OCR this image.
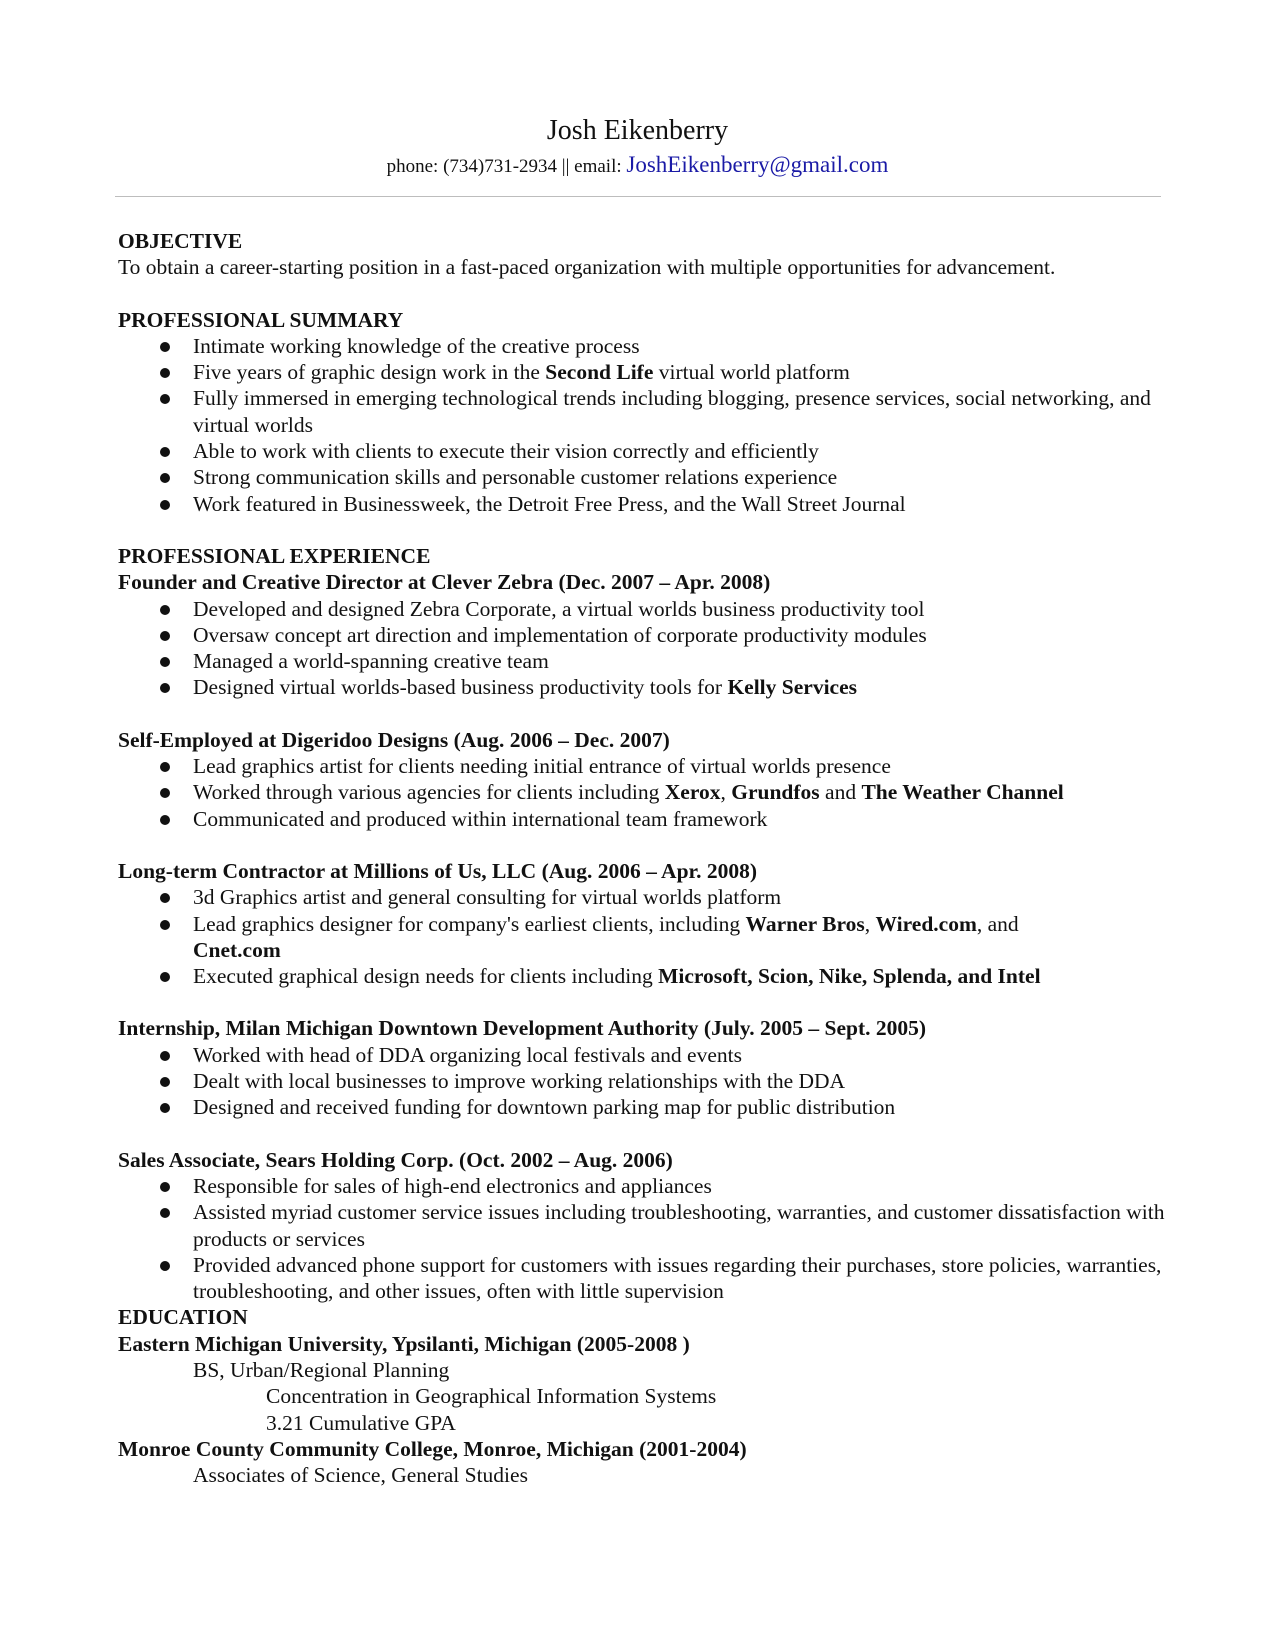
Josh Eikenberry
phone: (734)731-2934 || email: JoshEikenberry@gmail.com
OBJECTIVE
To obtain a career-starting position in a fast-paced organization with multiple opportunities for advancement.
PROFESSIONAL SUMMARY
Intimate working knowledge of the creative process
Five years of graphic design work in the Second Life virtual world platform
Fully immersed in emerging technological trends including blogging, presence services, social networking, and virtual worlds
Able to work with clients to execute their vision correctly and efficiently
Strong communication skills and personable customer relations experience
Work featured in Businessweek, the Detroit Free Press, and the Wall Street Journal
PROFESSIONAL EXPERIENCE
Founder and Creative Director at Clever Zebra (Dec. 2007 – Apr. 2008)
Developed and designed Zebra Corporate, a virtual worlds business productivity tool
Oversaw concept art direction and implementation of corporate productivity modules
Managed a world-spanning creative team
Designed virtual worlds-based business productivity tools for Kelly Services
Self-Employed at Digeridoo Designs (Aug. 2006 – Dec. 2007)
Lead graphics artist for clients needing initial entrance of virtual worlds presence
Worked through various agencies for clients including Xerox, Grundfos and The Weather Channel
Communicated and produced within international team framework
Long-term Contractor at Millions of Us, LLC (Aug. 2006 – Apr. 2008)
3d Graphics artist and general consulting for virtual worlds platform
Lead graphics designer for company's earliest clients, including Warner Bros, Wired.com, and
Cnet.com
Executed graphical design needs for clients including Microsoft, Scion, Nike, Splenda, and Intel
Internship, Milan Michigan Downtown Development Authority (July. 2005 – Sept. 2005)
Worked with head of DDA organizing local festivals and events
Dealt with local businesses to improve working relationships with the DDA
Designed and received funding for downtown parking map for public distribution
Sales Associate, Sears Holding Corp. (Oct. 2002 – Aug. 2006)
Responsible for sales of high-end electronics and appliances
Assisted myriad customer service issues including troubleshooting, warranties, and customer dissatisfaction with products or services
Provided advanced phone support for customers with issues regarding their purchases, store policies, warranties, troubleshooting, and other issues, often with little supervision
EDUCATION
Eastern Michigan University, Ypsilanti, Michigan (2005-2008 )
BS, Urban/Regional Planning
Concentration in Geographical Information Systems
3.21 Cumulative GPA
Monroe County Community College, Monroe, Michigan (2001-2004)
Associates of Science, General Studies
